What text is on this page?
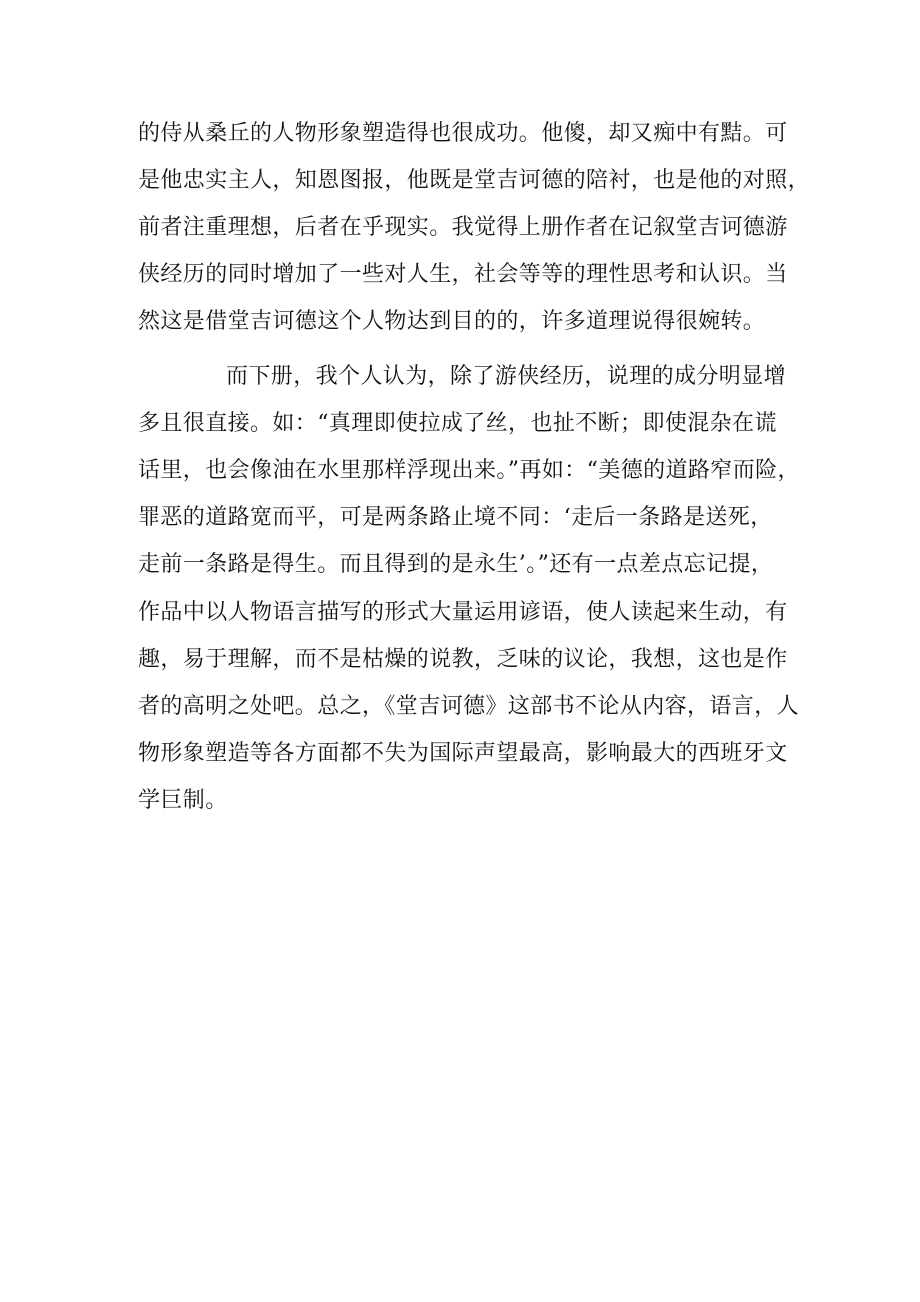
的侍从桑丘的人物形象塑造得也很成功。他傻，却又痴中有黠。可
是他忠实主人，知恩图报，他既是堂吉诃德的陪衬，也是他的对照，
前者注重理想，后者在乎现实。我觉得上册作者在记叙堂吉诃德游
侠经历的同时增加了一些对人生，社会等等的理性思考和认识。当
然这是借堂吉诃德这个人物达到目的的，许多道理说得很婉转。
而下册，我个人认为，除了游侠经历，说理的成分明显增
多且很直接。如：“真理即使拉成了丝，也扯不断；即使混杂在谎
话里，也会像油在水里那样浮现出来。”再如：“美德的道路窄而险，
罪恶的道路宽而平，可是两条路止境不同：‘走后一条路是送死，
走前一条路是得生。而且得到的是永生’。”还有一点差点忘记提，
作品中以人物语言描写的形式大量运用谚语，使人读起来生动，有
趣，易于理解，而不是枯燥的说教，乏味的议论，我想，这也是作
者的高明之处吧。总之，《堂吉诃德》这部书不论从内容，语言，人
物形象塑造等各方面都不失为国际声望最高，影响最大的西班牙文
学巨制。
